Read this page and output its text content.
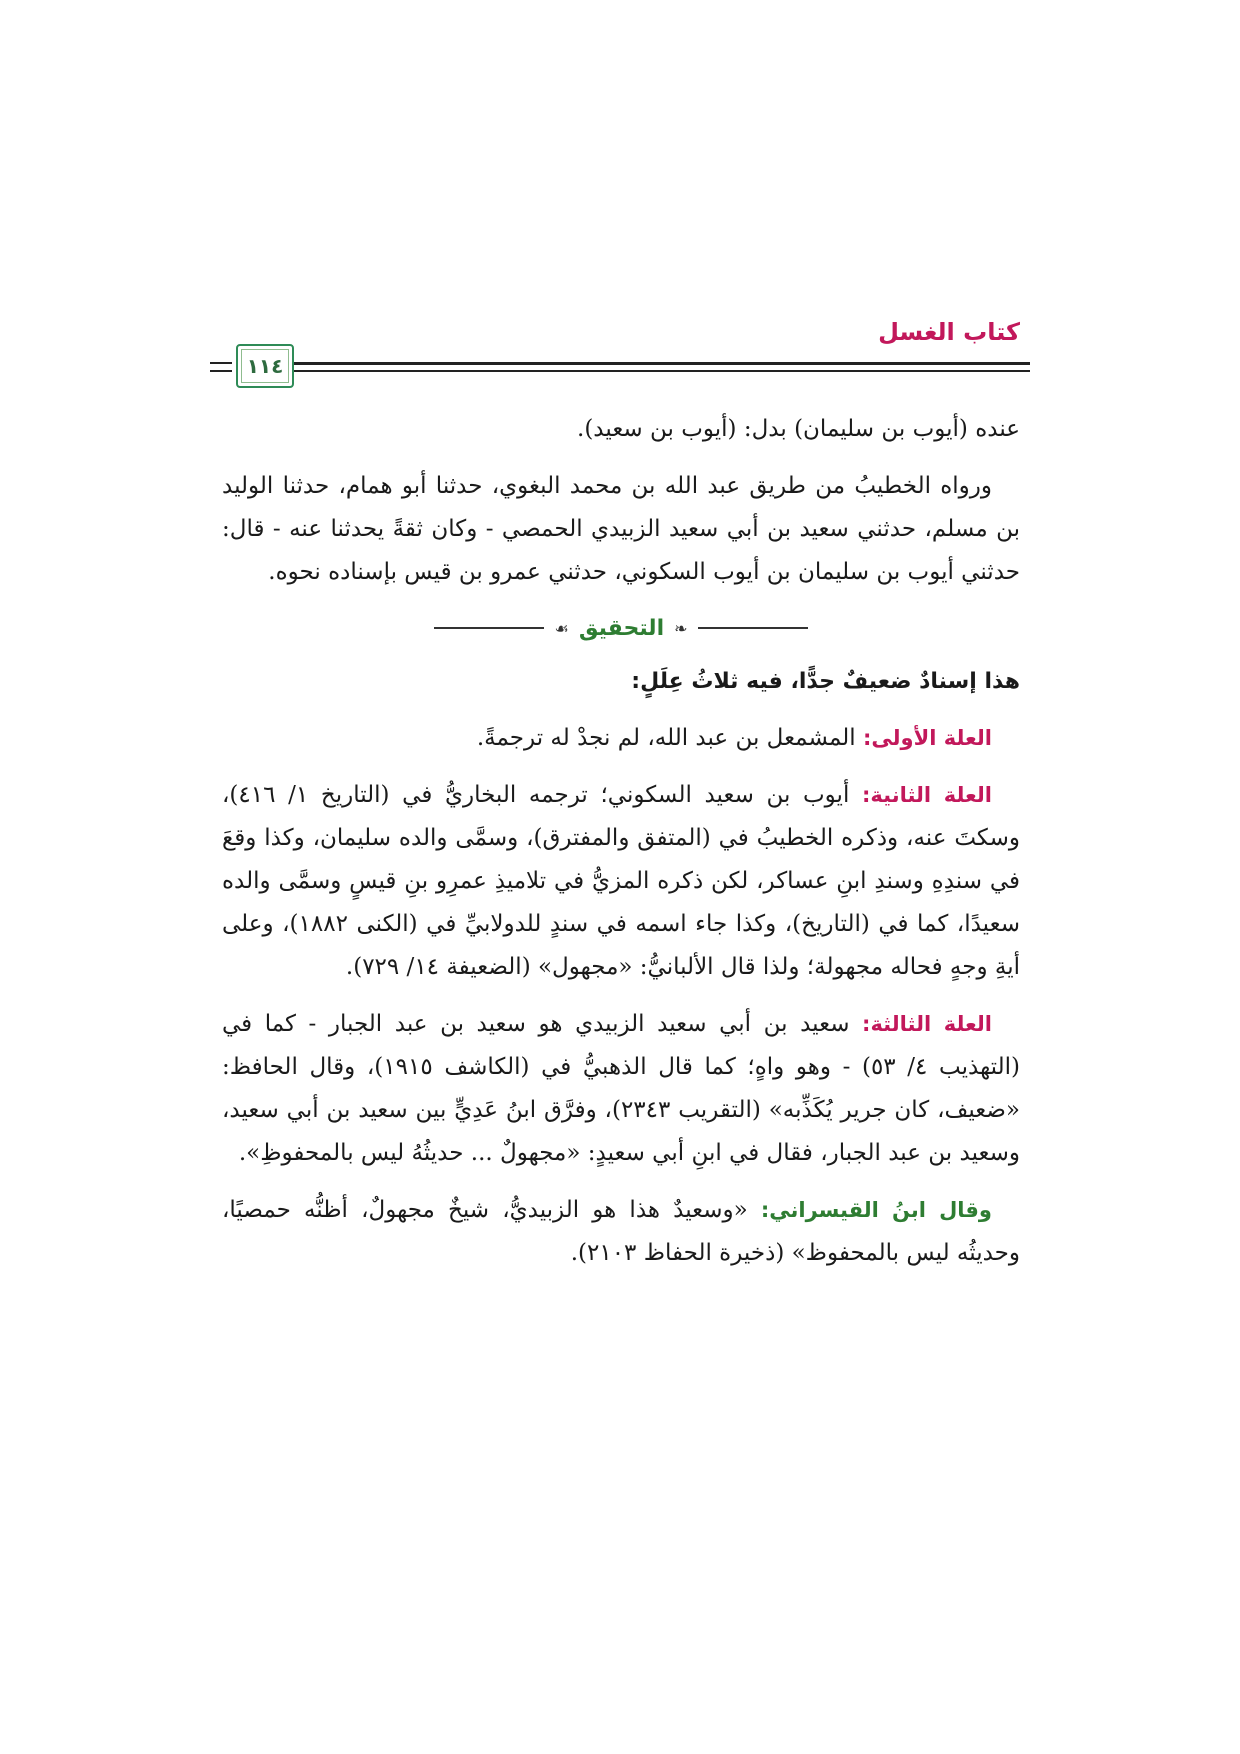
كتاب الغسل
١١٤

عنده (أيوب بن سليمان) بدل: (أيوب بن سعيد).

ورواه الخطيبُ من طريق عبد الله بن محمد البغوي، حدثنا أبو همام، حدثنا الوليد بن مسلم، حدثني سعيد بن أبي سعيد الزبيدي الحمصي - وكان ثقةً يحدثنا عنه - قال: حدثني أيوب بن سليمان بن أيوب السكوني، حدثني عمرو بن قيس بإسناده نحوه.

❧
التحقيق
☙

هذا إسنادٌ ضعيفٌ جدًّا، فيه ثلاثُ عِلَلٍ:

العلة الأولى: المشمعل بن عبد الله، لم نجدْ له ترجمةً.

العلة الثانية: أيوب بن سعيد السكوني؛ ترجمه البخاريُّ في (التاريخ ١/ ٤١٦)، وسكتَ عنه، وذكره الخطيبُ في (المتفق والمفترق)، وسمَّى والده سليمان، وكذا وقعَ في سندِهِ وسندِ ابنِ عساكر، لكن ذكره المزيُّ في تلاميذِ عمرِو بنِ قيسٍ وسمَّى والده سعيدًا، كما في (التاريخ)، وكذا جاء اسمه في سندٍ للدولابيِّ في (الكنى ١٨٨٢)، وعلى أيةِ وجهٍ فحاله مجهولة؛ ولذا قال الألبانيُّ: «مجهول» (الضعيفة ١٤/ ٧٢٩).

العلة الثالثة: سعيد بن أبي سعيد الزبيدي هو سعيد بن عبد الجبار - كما في (التهذيب ٤/ ٥٣) - وهو واهٍ؛ كما قال الذهبيُّ في (الكاشف ١٩١٥)، وقال الحافظ: «ضعيف، كان جرير يُكَذِّبه» (التقريب ٢٣٤٣)، وفرَّق ابنُ عَدِيٍّ بين سعيد بن أبي سعيد، وسعيد بن عبد الجبار، فقال في ابنِ أبي سعيدٍ: «مجهولٌ ... حديثُهُ ليس بالمحفوظِ».

وقال ابنُ القيسراني: «وسعيدٌ هذا هو الزبيديُّ، شيخٌ مجهولٌ، أظنُّه حمصيًا، وحديثُه ليس بالمحفوظ» (ذخيرة الحفاظ ٢١٠٣).
